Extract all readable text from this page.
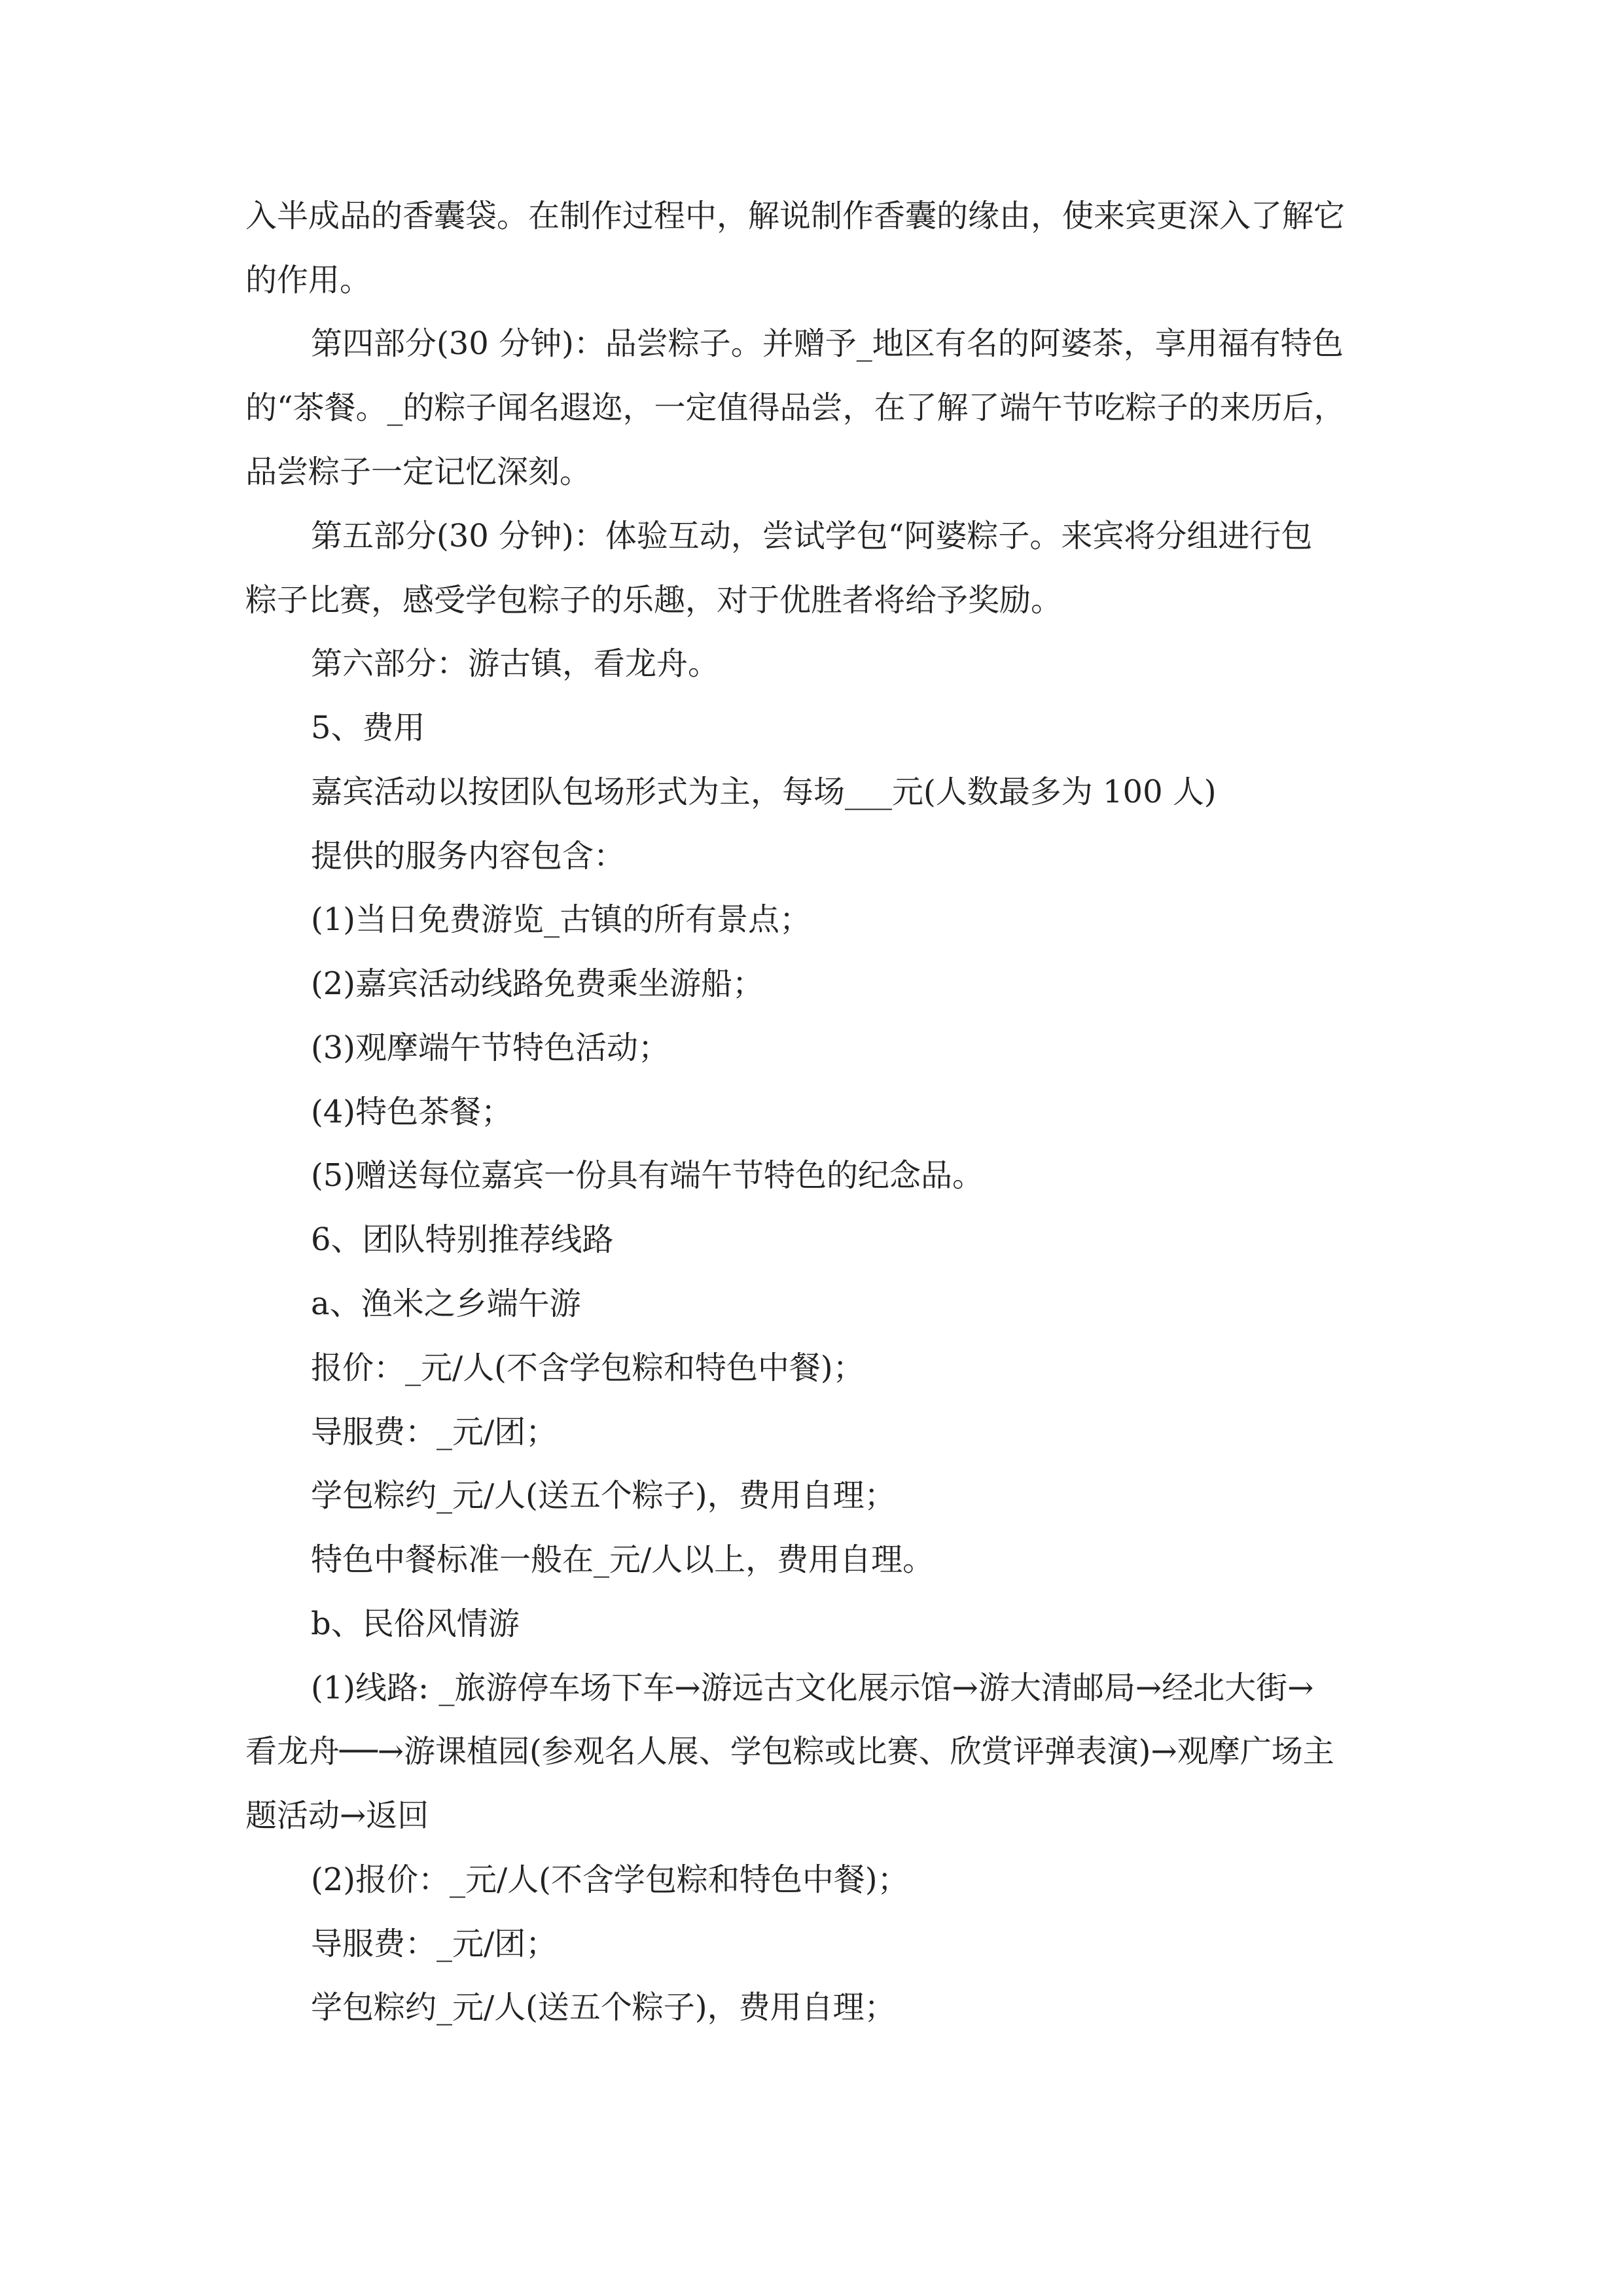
入半成品的香囊袋。在制作过程中，解说制作香囊的缘由，使来宾更深入了解它
的作用。
第四部分(30 分钟)：品尝粽子。并赠予_地区有名的阿婆茶，享用福有特色
的“茶餐。_的粽子闻名遐迩，一定值得品尝，在了解了端午节吃粽子的来历后，
品尝粽子一定记忆深刻。
第五部分(30 分钟)：体验互动，尝试学包“阿婆粽子。来宾将分组进行包
粽子比赛，感受学包粽子的乐趣，对于优胜者将给予奖励。
第六部分：游古镇，看龙舟。
5、费用
嘉宾活动以按团队包场形式为主，每场___元(人数最多为 100 人)
提供的服务内容包含：
(1)当日免费游览_古镇的所有景点；
(2)嘉宾活动线路免费乘坐游船；
(3)观摩端午节特色活动；
(4)特色茶餐；
(5)赠送每位嘉宾一份具有端午节特色的纪念品。
6、团队特别推荐线路
a、渔米之乡端午游
报价：_元/人(不含学包粽和特色中餐)；
导服费：_元/团；
学包粽约_元/人(送五个粽子)，费用自理；
特色中餐标准一般在_元/人以上，费用自理。
b、民俗风情游
(1)线路: _旅游停车场下车→游远古文化展示馆→游大清邮局→经北大街→
看龙舟──→游课植园(参观名人展、学包粽或比赛、欣赏评弹表演)→观摩广场主
题活动→返回
(2)报价：_元/人(不含学包粽和特色中餐)；
导服费：_元/团；
学包粽约_元/人(送五个粽子)，费用自理；
